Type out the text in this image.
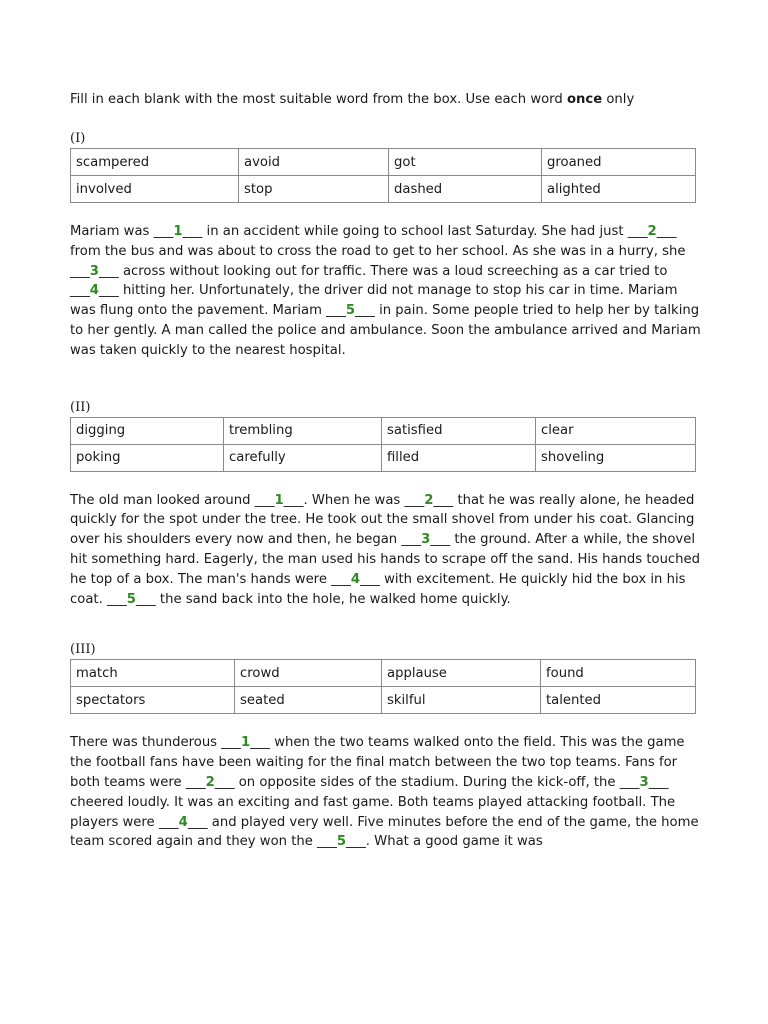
Fill in each blank with the most suitable word from the box. Use each word once only

(I)

scampered	avoid	got	groaned
involved	stop	dashed	alighted
Mariam was ___1___ in an accident while going to school last Saturday. She had just ___2___
from the bus and was about to cross the road to get to her school. As she was in a hurry, she
___3___ across without looking out for traffic. There was a loud screeching as a car tried to
___4___ hitting her. Unfortunately, the driver did not manage to stop his car in time. Mariam
was flung onto the pavement. Mariam ___5___ in pain. Some people tried to help her by talking
to her gently. A man called the police and ambulance. Soon the ambulance arrived and Mariam
was taken quickly to the nearest hospital.

(II)

digging	trembling	satisfied	clear
poking	carefully	filled	shoveling
The old man looked around ___1___. When he was ___2___ that he was really alone, he headed
quickly for the spot under the tree. He took out the small shovel from under his coat. Glancing
over his shoulders every now and then, he began ___3___ the ground. After a while, the shovel
hit something hard. Eagerly, the man used his hands to scrape off the sand. His hands touched
he top of a box. The man's hands were ___4___ with excitement. He quickly hid the box in his
coat. ___5___ the sand back into the hole, he walked home quickly.

(III)

match	crowd	applause	found
spectators	seated	skilful	talented
There was thunderous ___1___ when the two teams walked onto the field. This was the game
the football fans have been waiting for the final match between the two top teams. Fans for
both teams were ___2___ on opposite sides of the stadium. During the kick-off, the ___3___
cheered loudly. It was an exciting and fast game. Both teams played attacking football. The
players were ___4___ and played very well. Five minutes before the end of the game, the home
team scored again and they won the ___5___. What a good game it was
